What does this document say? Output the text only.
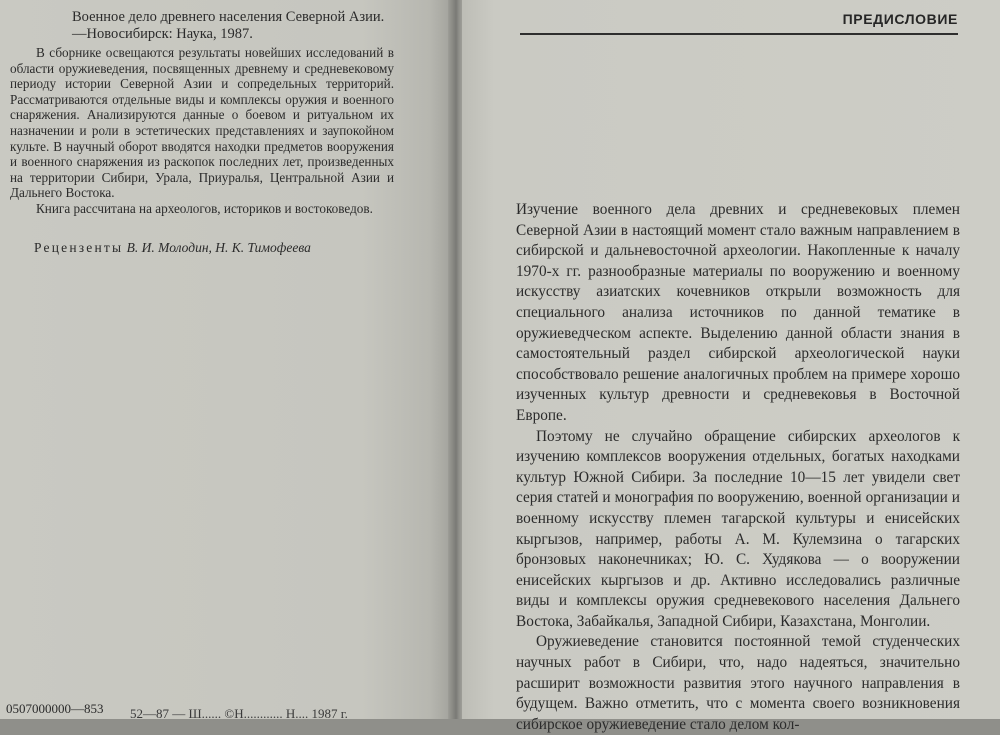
Военное дело древнего населения Северной Азии.
—Новосибирск: Наука, 1987.

В сборнике освещаются результаты новейших исследований в области оружиеведения, посвященных древнему и средневековому периоду истории Северной Азии и сопредельных территорий. Рассматриваются отдельные виды и комплексы оружия и военного снаряжения. Анализируются данные о боевом и ритуальном их назначении и роли в эстетических представлениях и заупокойном культе. В научный оборот вводятся находки предметов вооружения и военного снаряжения из раскопок последних лет, произведенных на территории Сибири, Урала, Приуралья, Центральной Азии и Дальнего Востока.

Книга рассчитана на археологов, историков и востоковедов.

Рецензенты В. И. Молодин, Н. К. Тимофеева
0507000000—853 52—87 — Ш...... ©Н............ Н.... 1987 г.
ПРЕДИСЛОВИЕ

Изучение военного дела древних и средневековых племен Северной Азии в настоящий момент стало важным направлением в сибирской и дальневосточной археологии. Накопленные к началу 1970-х гг. разнообразные материалы по вооружению и военному искусству азиатских кочевников открыли возможность для специального анализа источников по данной тематике в оружиеведческом аспекте. Выделению данной области знания в самостоятельный раздел сибирской археологической науки способствовало решение аналогичных проблем на примере хорошо изученных культур древности и средневековья в Восточной Европе.

Поэтому не случайно обращение сибирских археологов к изучению комплексов вооружения отдельных, богатых находками культур Южной Сибири. За последние 10—15 лет увидели свет серия статей и монография по вооружению, военной организации и военному искусству племен тагарской культуры и енисейских кыргызов, например, работы А. М. Кулемзина о тагарских бронзовых наконечниках; Ю. С. Худякова — о вооружении енисейских кыргызов и др. Активно исследовались различные виды и комплексы оружия средневекового населения Дальнего Востока, Забайкалья, Западной Сибири, Казахстана, Монголии.

Оружиеведение становится постоянной темой студенческих научных работ в Сибири, что, надо надеяться, значительно расширит возможности развития этого научного направления в будущем. Важно отметить, что с момента своего возникновения сибирское оружиеведение стало делом кол-
